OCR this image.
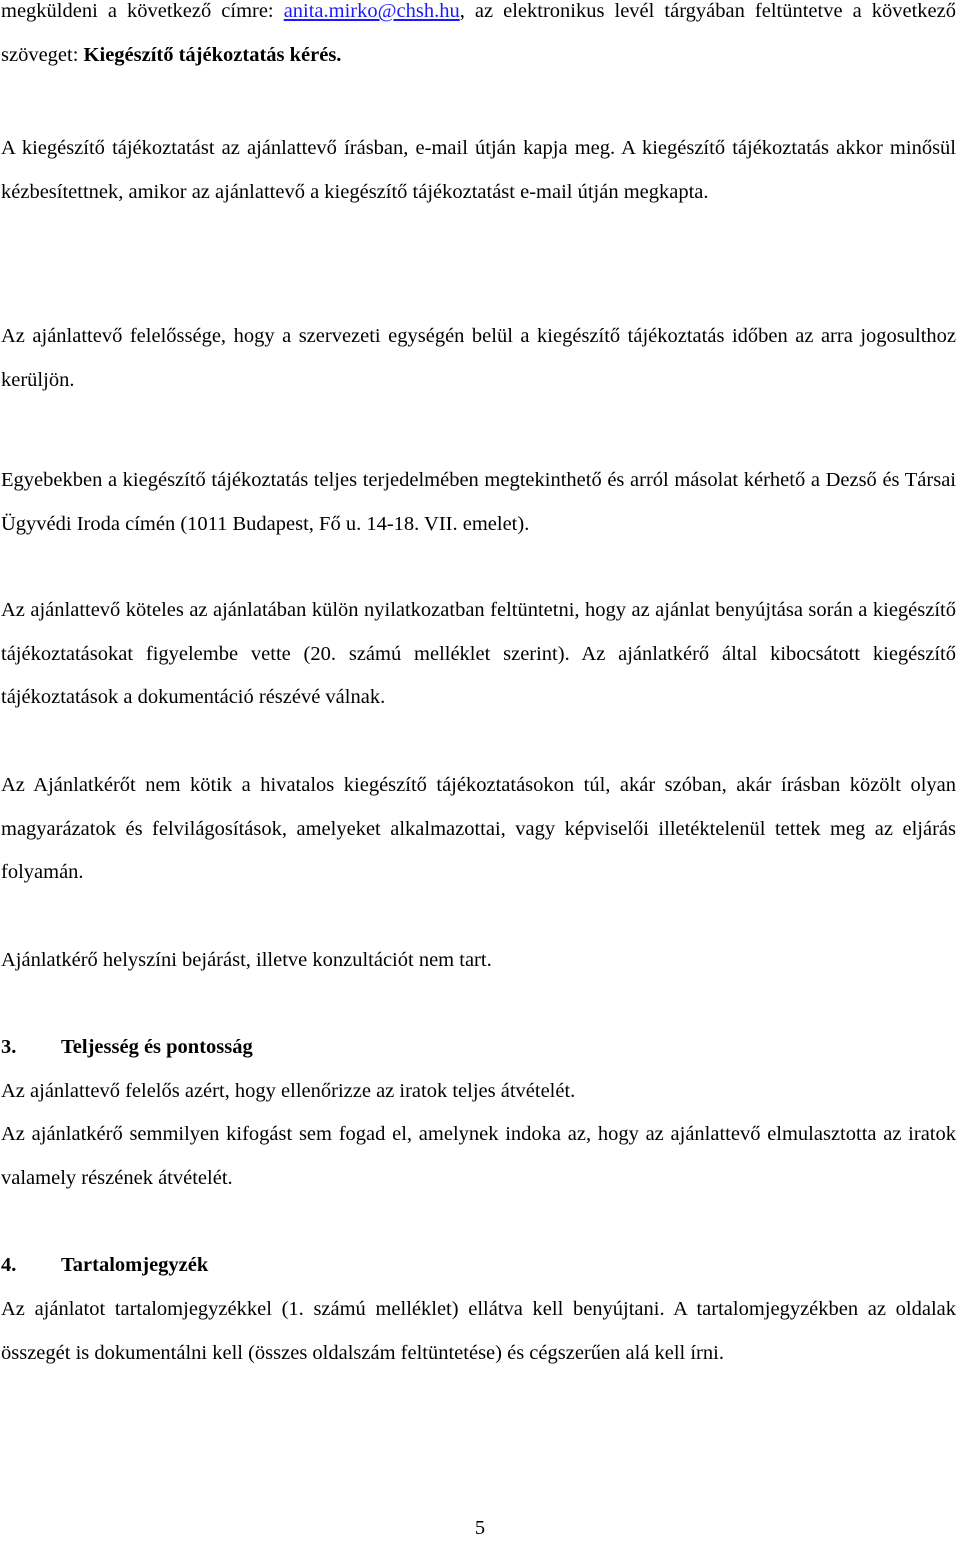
megküldeni a következő címre: anita.mirko@chsh.hu, az elektronikus levél tárgyában feltüntetve a következő szöveget: Kiegészítő tájékoztatás kérés.

A kiegészítő tájékoztatást az ajánlattevő írásban, e-mail útján kapja meg. A kiegészítő tájékoztatás akkor minősül kézbesítettnek, amikor az ajánlattevő a kiegészítő tájékoztatást e-mail útján megkapta.

Az ajánlattevő felelőssége, hogy a szervezeti egységén belül a kiegészítő tájékoztatás időben az arra jogosulthoz kerüljön.

Egyebekben a kiegészítő tájékoztatás teljes terjedelmében megtekinthető és arról másolat kérhető a Dezső és Társai Ügyvédi Iroda címén (1011 Budapest, Fő u. 14-18. VII. emelet).

Az ajánlattevő köteles az ajánlatában külön nyilatkozatban feltüntetni, hogy az ajánlat benyújtása során a kiegészítő tájékoztatásokat figyelembe vette (20. számú melléklet szerint). Az ajánlatkérő által kibocsátott kiegészítő tájékoztatások a dokumentáció részévé válnak.

Az Ajánlatkérőt nem kötik a hivatalos kiegészítő tájékoztatásokon túl, akár szóban, akár írásban közölt olyan magyarázatok és felvilágosítások, amelyeket alkalmazottai, vagy képviselői illetéktelenül tettek meg az eljárás folyamán.

Ajánlatkérő helyszíni bejárást, illetve konzultációt nem tart.

3. Teljesség és pontosság

Az ajánlattevő felelős azért, hogy ellenőrizze az iratok teljes átvételét.

Az ajánlatkérő semmilyen kifogást sem fogad el, amelynek indoka az, hogy az ajánlattevő elmulasztotta az iratok valamely részének átvételét.

4. Tartalomjegyzék

Az ajánlatot tartalomjegyzékkel (1. számú melléklet) ellátva kell benyújtani. A tartalomjegyzékben az oldalak összegét is dokumentálni kell (összes oldalszám feltüntetése) és cégszerűen alá kell írni.

5
